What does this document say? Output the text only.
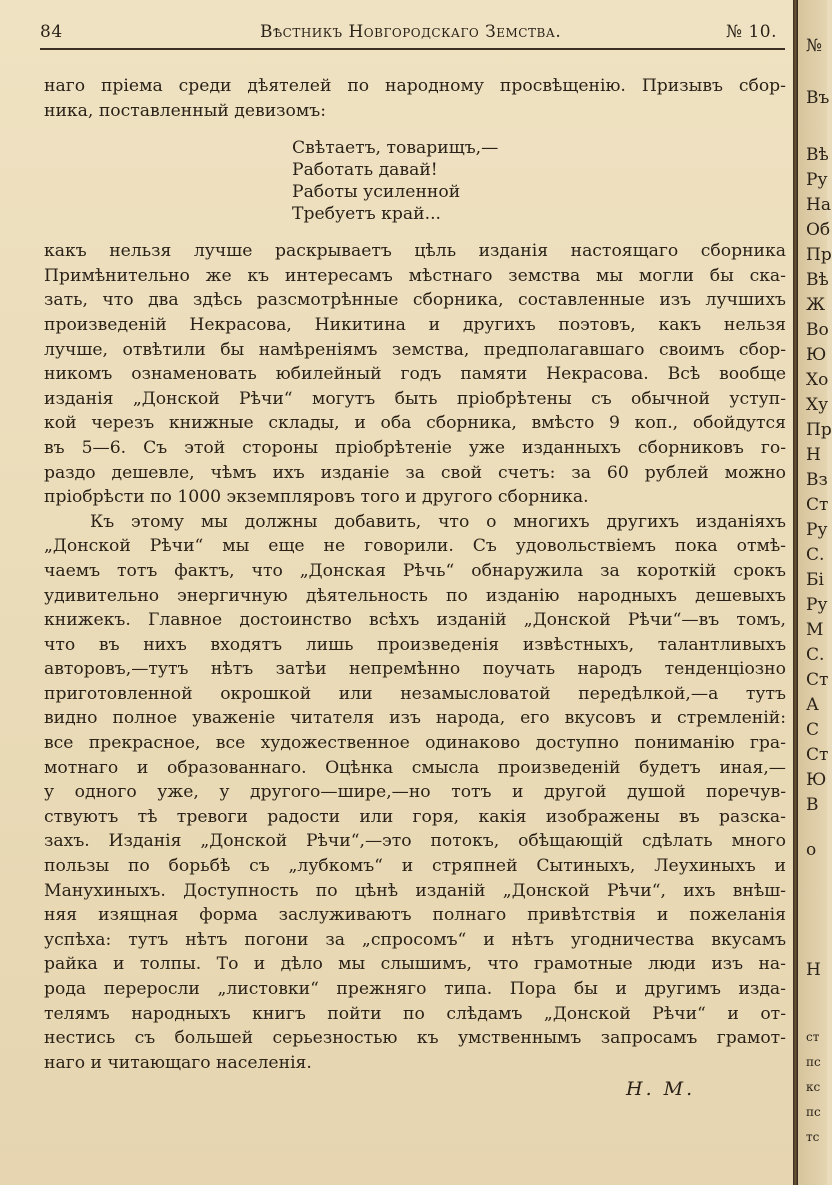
84	Вѣстникъ Новгородскаго Земства.	№ 10.

наго пріема среди дѣятелей по народному просвѣщенію. Призывъ сбор-
ника, поставленный девизомъ:

Свѣтаетъ, товарищъ,—
Работать давай!
Работы усиленной
Требуетъ край...

какъ нельзя лучше раскрываетъ цѣль изданія настоящаго сборника
Примѣнительно же къ интересамъ мѣстнаго земства мы могли бы ска-
зать, что два здѣсь разсмотрѣнные сборника, составленные изъ лучшихъ
произведеній Некрасова, Никитина и другихъ поэтовъ, какъ нельзя
лучше, отвѣтили бы намѣреніямъ земства, предполагавшаго своимъ сбор-
никомъ ознаменовать юбилейный годъ памяти Некрасова. Всѣ вообще
изданія „Донской Рѣчи“ могутъ быть пріобрѣтены съ обычной уступ-
кой черезъ книжные склады, и оба сборника, вмѣсто 9 коп., обойдутся
въ 5—6. Съ этой стороны пріобрѣтеніе уже изданныхъ сборниковъ го-
раздо дешевле, чѣмъ ихъ изданіе за свой счетъ: за 60 рублей можно
пріобрѣсти по 1000 экземпляровъ того и другого сборника.

Къ этому мы должны добавить, что о многихъ другихъ изданіяхъ
„Донской Рѣчи“ мы еще не говорили. Съ удовольствіемъ пока отмѣ-
чаемъ тотъ фактъ, что „Донская Рѣчь“ обнаружила за короткій срокъ
удивительно энергичную дѣятельность по изданію народныхъ дешевыхъ
книжекъ. Главное достоинство всѣхъ изданій „Донской Рѣчи“—въ томъ,
что въ нихъ входятъ лишь произведенія извѣстныхъ, талантливыхъ
авторовъ,—тутъ нѣтъ затѣи непремѣнно поучать народъ тенденціозно
приготовленной окрошкой или незамысловатой передѣлкой,—а тутъ
видно полное уваженіе читателя изъ народа, его вкусовъ и стремленій:
все прекрасное, все художественное одинаково доступно пониманію гра-
мотнаго и образованнаго. Оцѣнка смысла произведеній будетъ иная,—
у одного уже, у другого—шире,—но тотъ и другой душой поречув-
ствуютъ тѣ тревоги радости или горя, какія изображены въ разска-
захъ. Изданія „Донской Рѣчи“,—это потокъ, обѣщающій сдѣлать много
пользы по борьбѣ съ „лубкомъ“ и стряпней Сытиныхъ, Леухиныхъ и
Манухиныхъ. Доступность по цѣнѣ изданій „Донской Рѣчи“, ихъ внѣш-
няя изящная форма заслуживаютъ полнаго привѣтствія и пожеланія
успѣха: тутъ нѣтъ погони за „спросомъ“ и нѣтъ угодничества вкусамъ
райка и толпы. То и дѣло мы слышимъ, что грамотные люди изъ на-
рода переросли „листовки“ прежняго типа. Пора бы и другимъ изда-
телямъ народныхъ книгъ пойти по слѣдамъ „Донской Рѣчи“ и от-
нестись съ большей серьезностью къ умственнымъ запросамъ грамот-
наго и читающаго населенія.

Н. М.
№
Въ
Вѣ
Ру
На
Об
Пр
Вѣ
Ж
Во
Ю
Хо
Ху
Пр
Н
Вз
Ст
Ру
С.
Бі
Ру
М
С.
Ст
А
С
Ст
Ю
В
о
Н
ст
пс
кс
пс
тс
